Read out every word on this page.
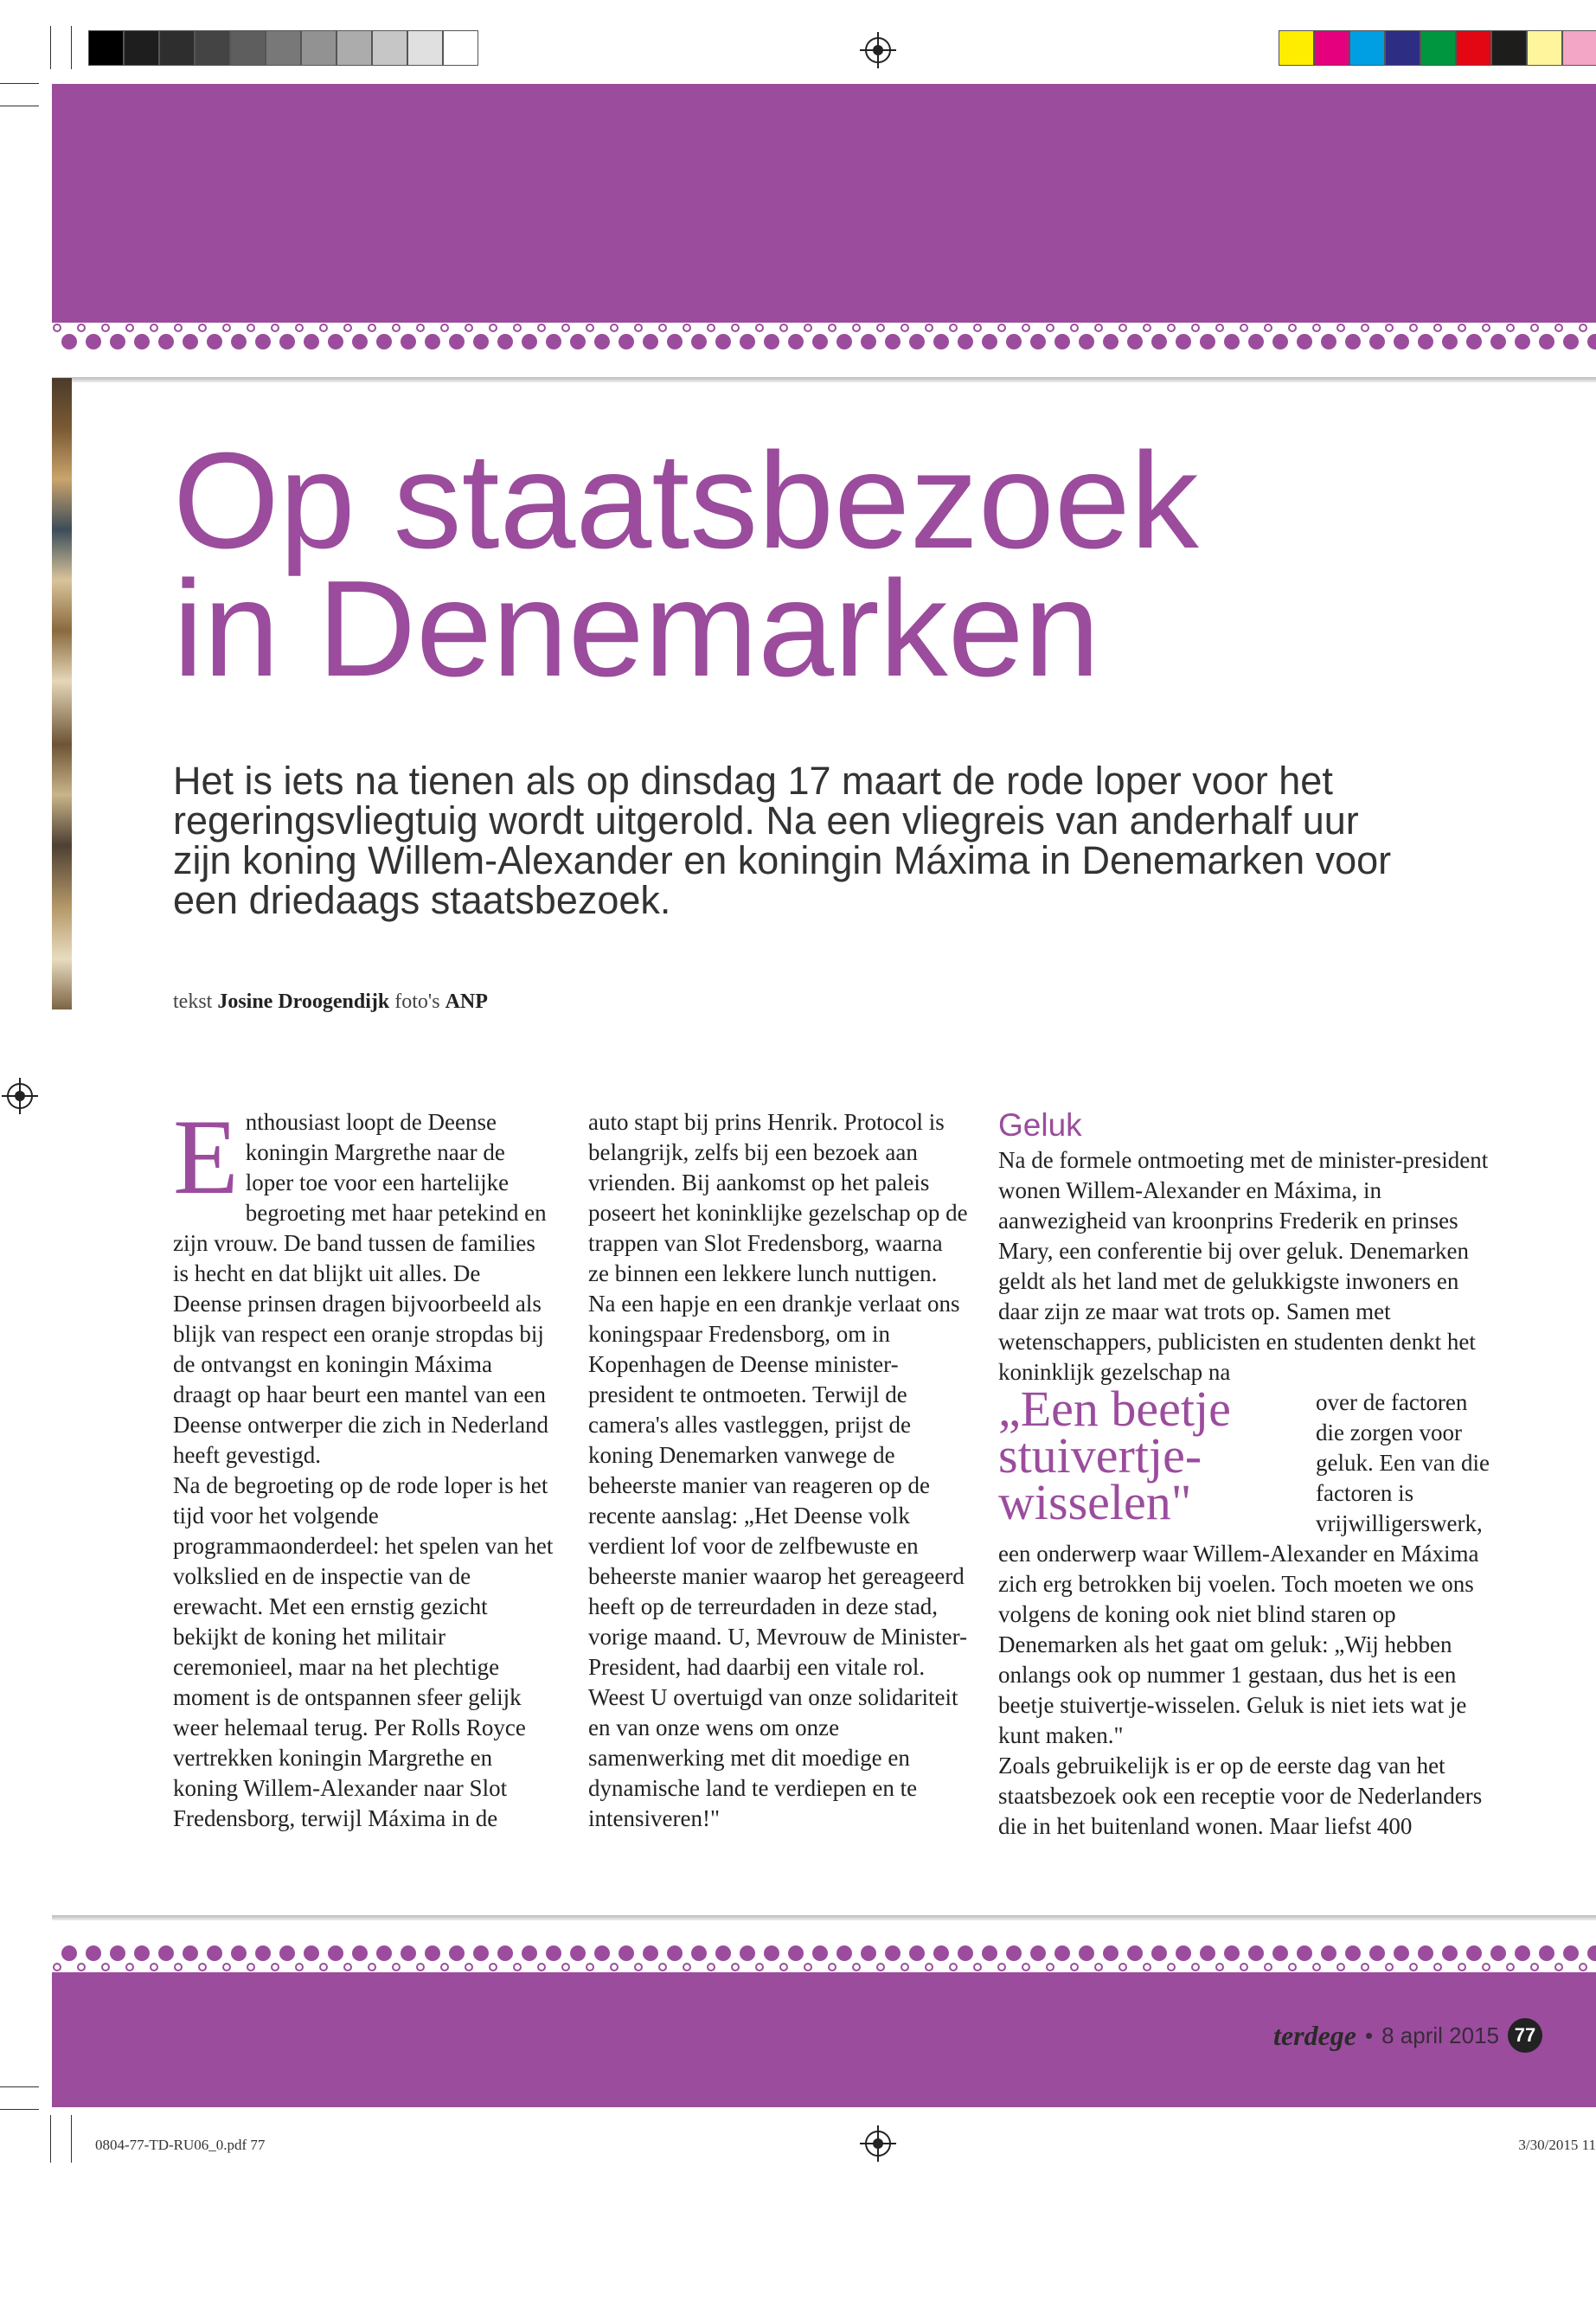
Op staatsbezoek
in Denemarken

Het is iets na tienen als op dinsdag 17 maart de rode loper voor het regeringsvliegtuig wordt uitgerold. Na een vliegreis van anderhalf uur zijn koning Willem-Alexander en koningin Máxima in Denemarken voor een driedaags staatsbezoek.

tekst Josine Droogendijk foto's ANP

Enthousiast loopt de Deense koningin Margrethe naar de loper toe voor een hartelijke begroeting met haar petekind en zijn vrouw. De band tussen de families is hecht en dat blijkt uit alles. De Deense prinsen dragen bijvoorbeeld als blijk van respect een oranje stropdas bij de ontvangst en koningin Máxima draagt op haar beurt een mantel van een Deense ontwerper die zich in Nederland heeft gevestigd.

Na de begroeting op de rode loper is het tijd voor het volgende programmaonderdeel: het spelen van het volkslied en de inspectie van de erewacht. Met een ernstig gezicht bekijkt de koning het militair ceremonieel, maar na het plechtige moment is de ontspannen sfeer gelijk weer helemaal terug. Per Rolls Royce vertrekken koningin Margrethe en koning Willem-Alexander naar Slot Fredensborg, terwijl Máxima in de

auto stapt bij prins Henrik. Protocol is belangrijk, zelfs bij een bezoek aan vrienden. Bij aankomst op het paleis poseert het koninklijke gezelschap op de trappen van Slot Fredensborg, waarna ze binnen een lekkere lunch nuttigen.

Na een hapje en een drankje verlaat ons koningspaar Fredensborg, om in Kopenhagen de Deense minister-president te ontmoeten. Terwijl de camera's alles vastleggen, prijst de koning Denemarken vanwege de beheerste manier van reageren op de recente aanslag: „Het Deense volk verdient lof voor de zelfbewuste en beheerste manier waarop het gereageerd heeft op de terreurdaden in deze stad, vorige maand. U, Mevrouw de Minister-President, had daarbij een vitale rol. Weest U overtuigd van onze solidariteit en van onze wens om onze samenwerking met dit moedige en dynamische land te verdiepen en te intensiveren!"

Geluk

Na de formele ontmoeting met de minister-president wonen Willem-Alexander en Máxima, in aanwezigheid van kroonprins Frederik en prinses Mary, een conferentie bij over geluk. Denemarken geldt als het land met de gelukkigste inwoners en daar zijn ze maar wat trots op. Samen met wetenschappers, publicisten en studenten denkt het koninklijk gezelschap na

„Een beetje stuivertje-wisselen"
over de factoren die zorgen voor geluk. Een van die factoren is vrijwilligerswerk, een onderwerp waar Willem-Alexander en Máxima zich erg betrokken bij voelen. Toch moeten we ons volgens de koning ook niet blind staren op Denemarken als het gaat om geluk: „Wij hebben onlangs ook op nummer 1 gestaan, dus het is een beetje stuivertje-wisselen. Geluk is niet iets wat je kunt maken."

Zoals gebruikelijk is er op de eerste dag van het staatsbezoek ook een receptie voor de Nederlanders die in het buitenland wonen. Maar liefst 400

terdege • 8 april 2015 77
0804-77-TD-RU06_0.pdf 77	3/30/2015 11
